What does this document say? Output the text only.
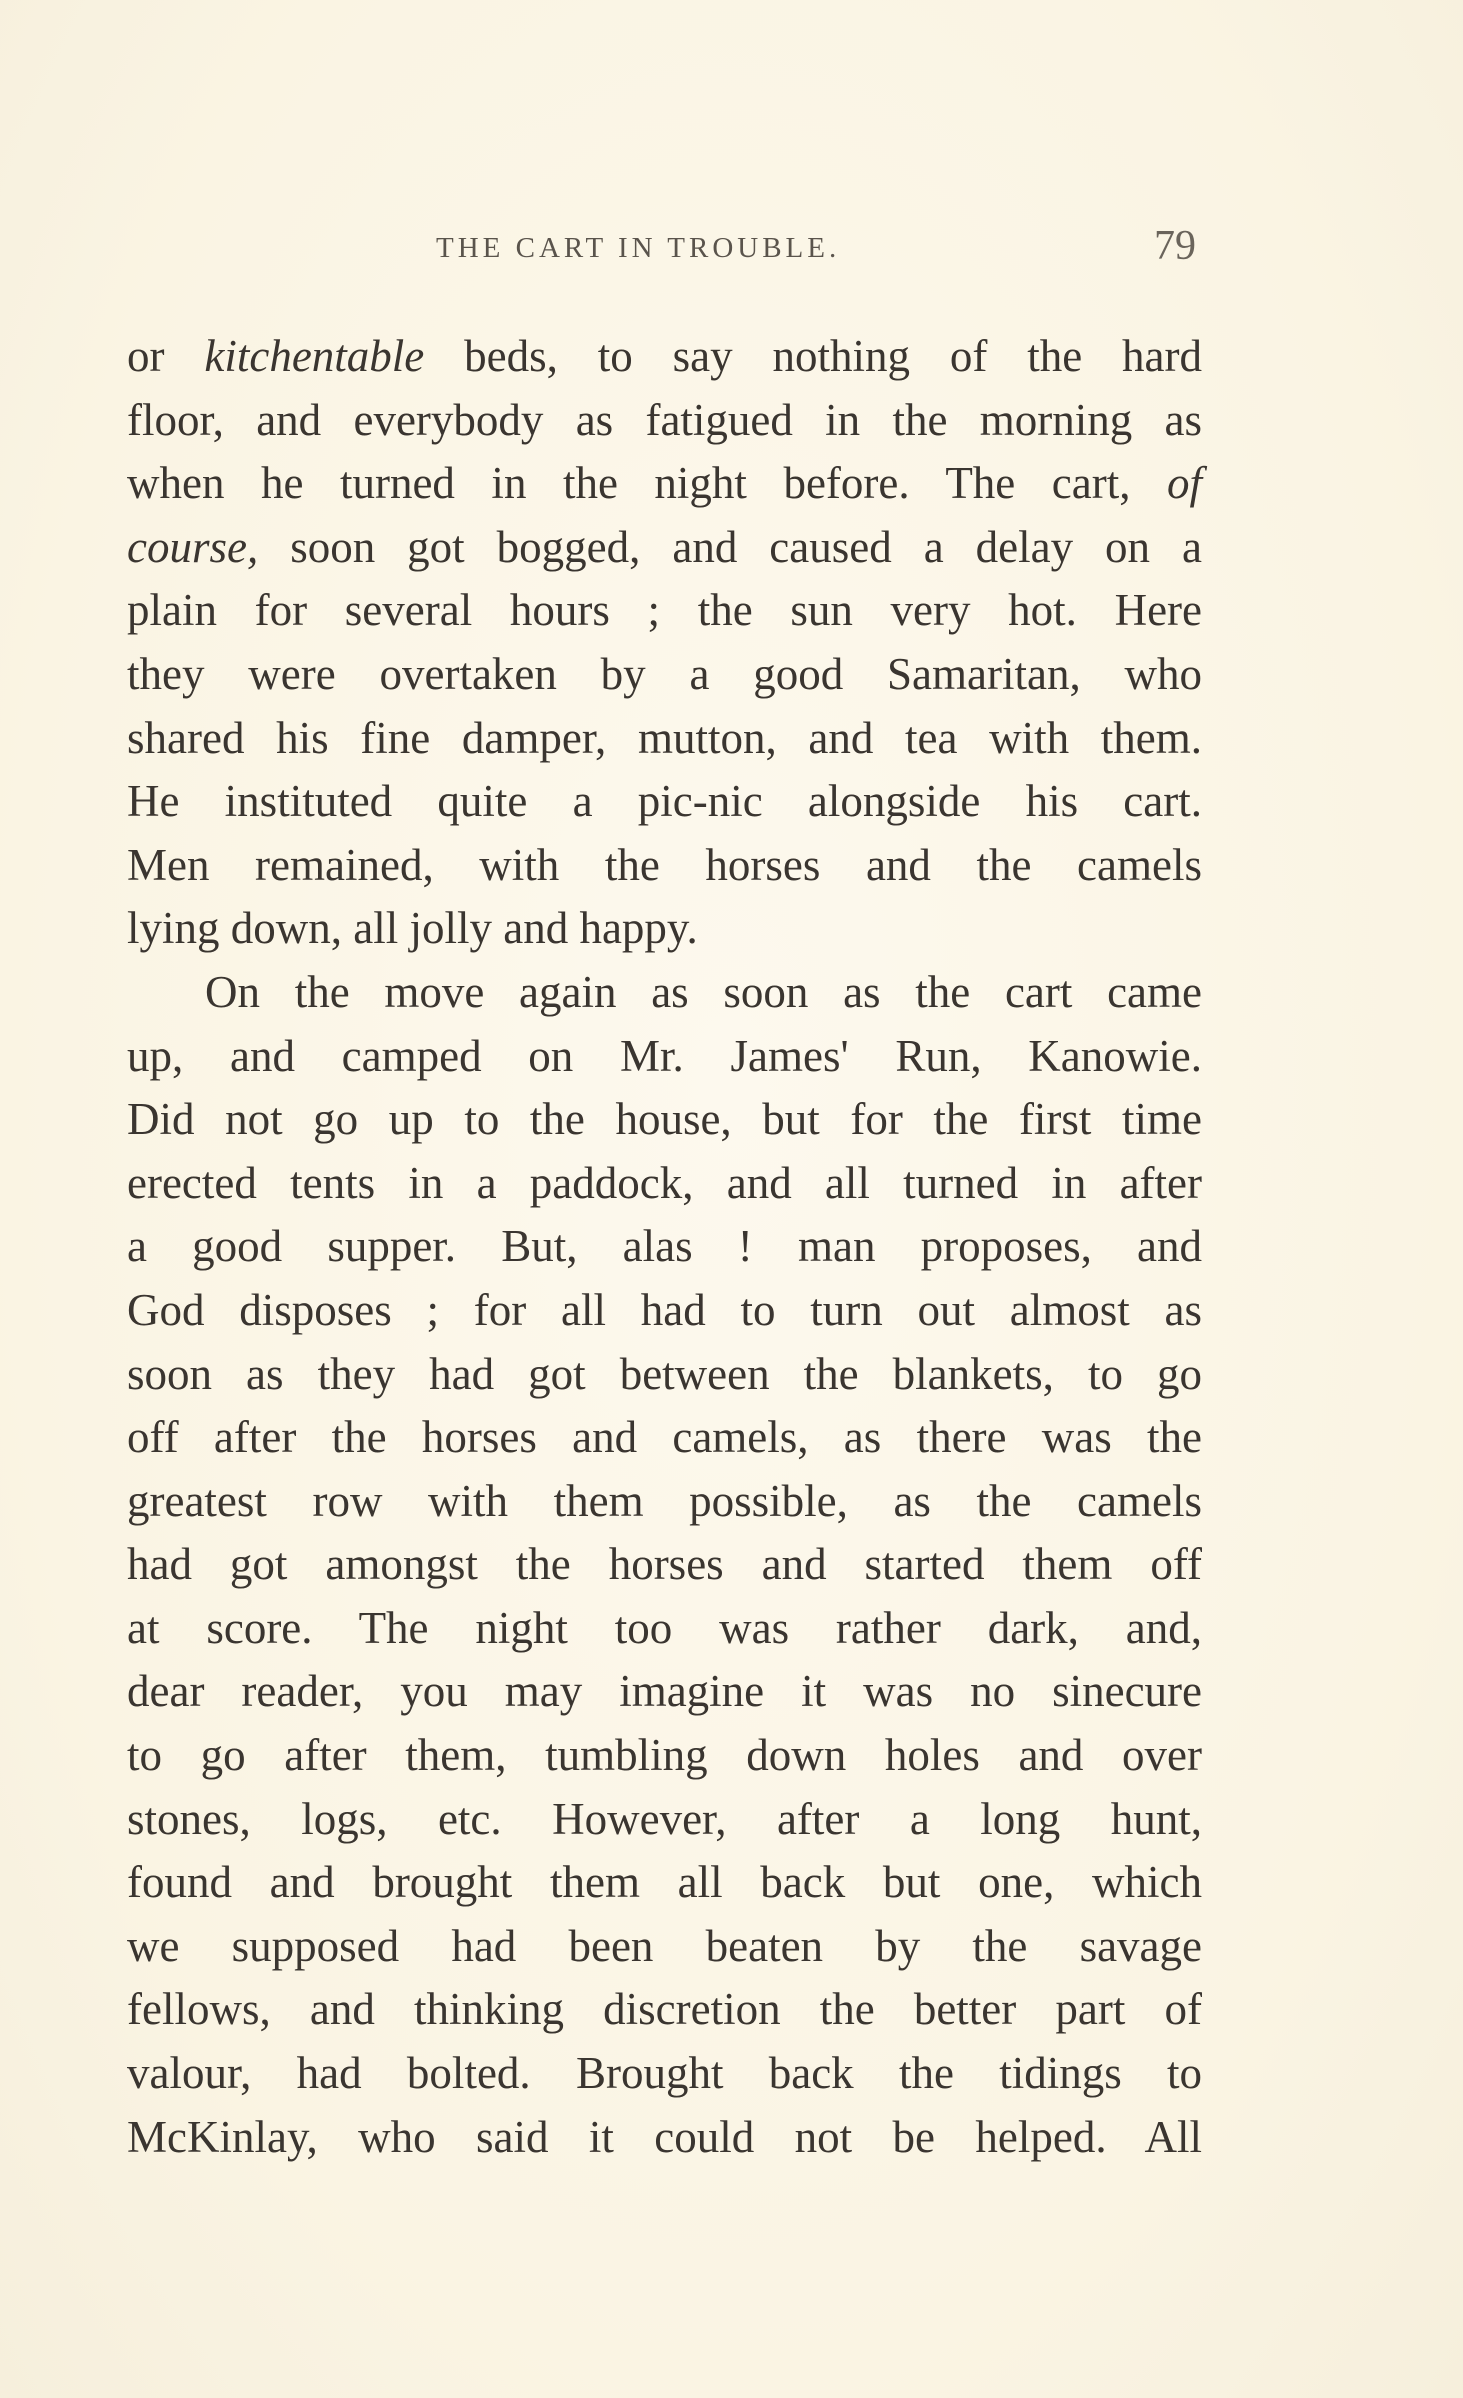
THE CART IN TROUBLE.	79
or kitchentable beds, to say nothing of the hard
floor, and everybody as fatigued in the morning as
when he turned in the night before. The cart, of
course, soon got bogged, and caused a delay on a
plain for several hours ; the sun very hot. Here
they were overtaken by a good Samaritan, who
shared his fine damper, mutton, and tea with them.
He instituted quite a pic-nic alongside his cart.
Men remained, with the horses and the camels
lying down, all jolly and happy.
On the move again as soon as the cart came
up, and camped on Mr. James' Run, Kanowie.
Did not go up to the house, but for the first time
erected tents in a paddock, and all turned in after
a good supper. But, alas ! man proposes, and
God disposes ; for all had to turn out almost as
soon as they had got between the blankets, to go
off after the horses and camels, as there was the
greatest row with them possible, as the camels
had got amongst the horses and started them off
at score. The night too was rather dark, and,
dear reader, you may imagine it was no sinecure
to go after them, tumbling down holes and over
stones, logs, etc. However, after a long hunt,
found and brought them all back but one, which
we supposed had been beaten by the savage
fellows, and thinking discretion the better part of
valour, had bolted. Brought back the tidings to
McKinlay, who said it could not be helped. All
